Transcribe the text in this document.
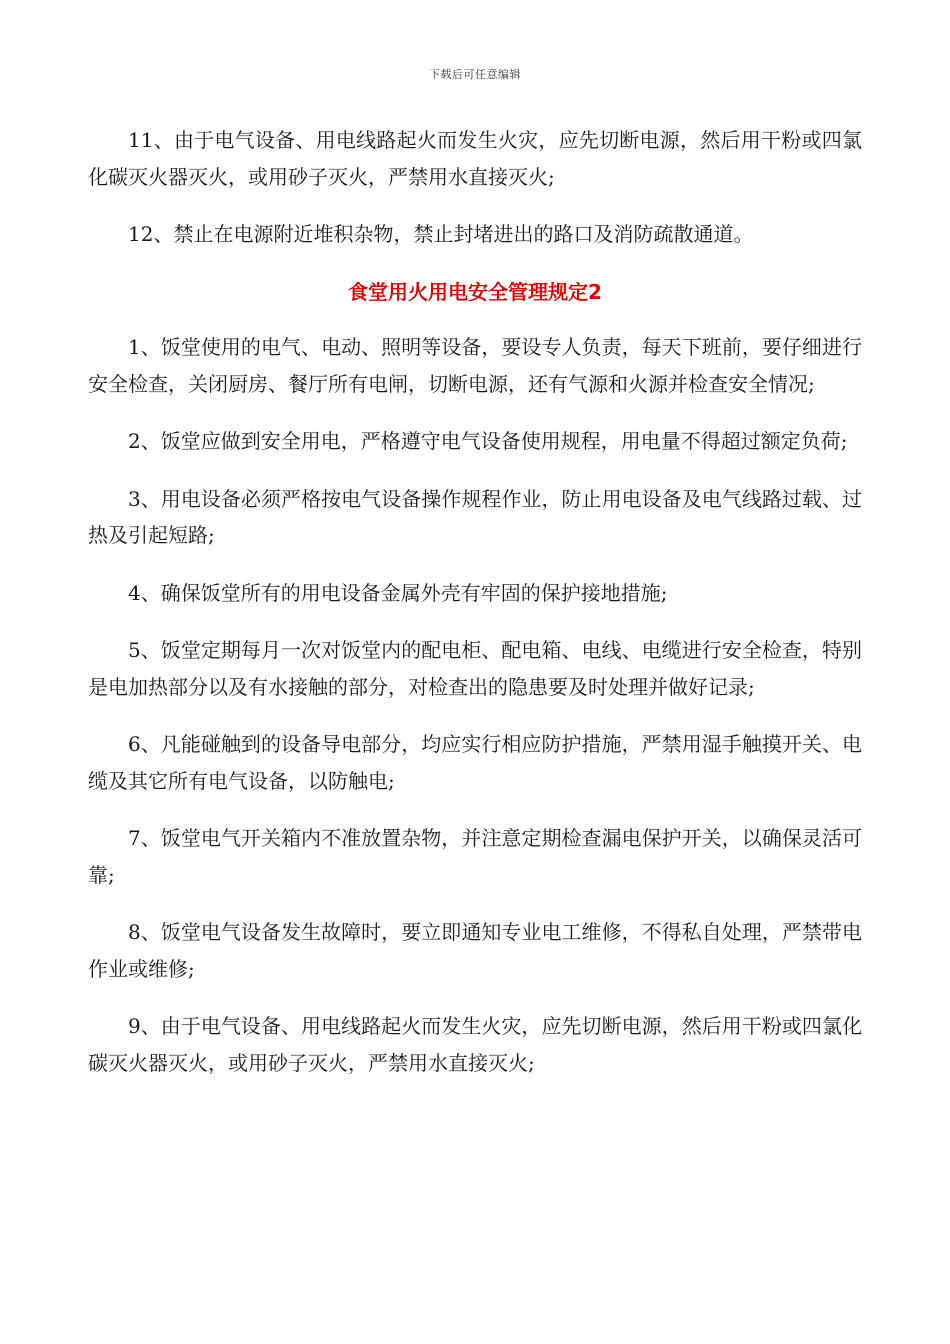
下载后可任意编辑

11、由于电气设备、用电线路起火而发生火灾，应先切断电源，然后用干粉或四氯化碳灭火器灭火，或用砂子灭火，严禁用水直接灭火;

12、禁止在电源附近堆积杂物，禁止封堵进出的路口及消防疏散通道。

食堂用火用电安全管理规定2

1、饭堂使用的电气、电动、照明等设备，要设专人负责，每天下班前，要仔细进行安全检查，关闭厨房、餐厅所有电闸，切断电源，还有气源和火源并检查安全情况;

2、饭堂应做到安全用电，严格遵守电气设备使用规程，用电量不得超过额定负荷;

3、用电设备必须严格按电气设备操作规程作业，防止用电设备及电气线路过载、过热及引起短路;

4、确保饭堂所有的用电设备金属外壳有牢固的保护接地措施;

5、饭堂定期每月一次对饭堂内的配电柜、配电箱、电线、电缆进行安全检查，特别是电加热部分以及有水接触的部分，对检查出的隐患要及时处理并做好记录;

6、凡能碰触到的设备导电部分，均应实行相应防护措施，严禁用湿手触摸开关、电缆及其它所有电气设备，以防触电;

7、饭堂电气开关箱内不准放置杂物，并注意定期检查漏电保护开关，以确保灵活可靠;

8、饭堂电气设备发生故障时，要立即通知专业电工维修，不得私自处理，严禁带电作业或维修;

9、由于电气设备、用电线路起火而发生火灾，应先切断电源，然后用干粉或四氯化碳灭火器灭火，或用砂子灭火，严禁用水直接灭火;
